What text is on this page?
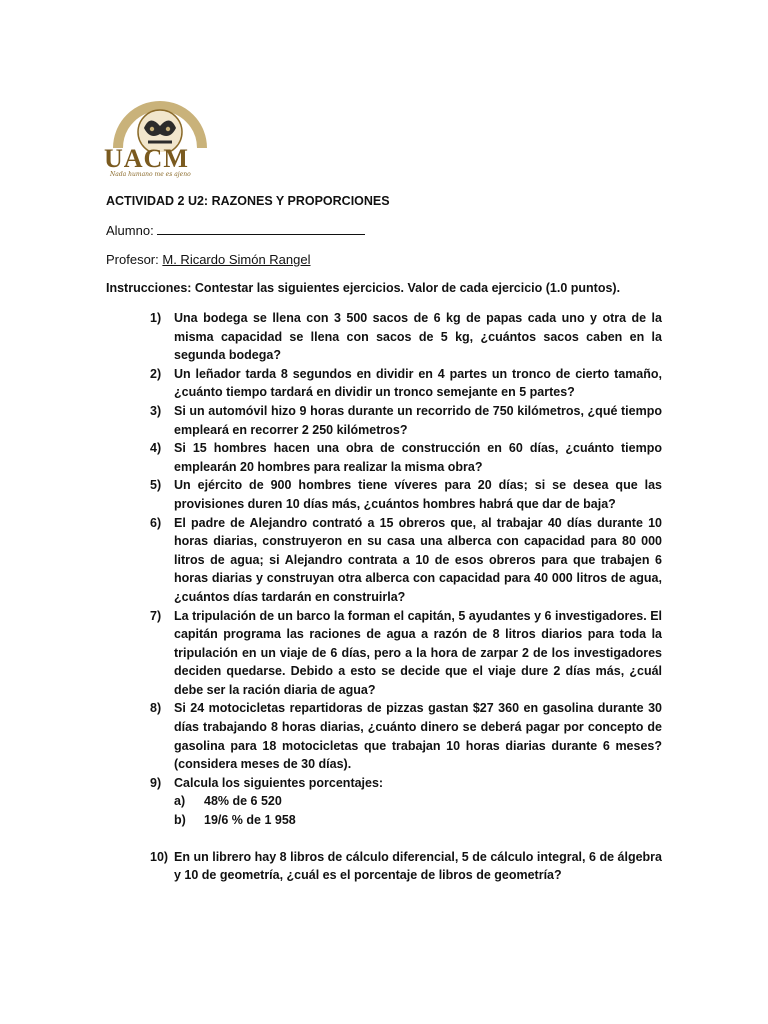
UACM
Nada humano me es ajeno
ACTIVIDAD 2 U2: RAZONES Y PROPORCIONES
Alumno:
Profesor: M. Ricardo Simón Rangel
Instrucciones: Contestar las siguientes ejercicios. Valor de cada ejercicio (1.0 puntos).
1) Una bodega se llena con 3 500 sacos de 6 kg de papas cada uno y otra de la misma capacidad se llena con sacos de 5 kg, ¿cuántos sacos caben en la segunda bodega?
2) Un leñador tarda 8 segundos en dividir en 4 partes un tronco de cierto tamaño, ¿cuánto tiempo tardará en dividir un tronco semejante en 5 partes?
3) Si un automóvil hizo 9 horas durante un recorrido de 750 kilómetros, ¿qué tiempo empleará en recorrer 2 250 kilómetros?
4) Si 15 hombres hacen una obra de construcción en 60 días, ¿cuánto tiempo emplearán 20 hombres para realizar la misma obra?
5) Un ejército de 900 hombres tiene víveres para 20 días; si se desea que las provisiones duren 10 días más, ¿cuántos hombres habrá que dar de baja?
6) El padre de Alejandro contrató a 15 obreros que, al trabajar 40 días durante 10 horas diarias, construyeron en su casa una alberca con capacidad para 80 000 litros de agua; si Alejandro contrata a 10 de esos obreros para que trabajen 6 horas diarias y construyan otra alberca con capacidad para 40 000 litros de agua, ¿cuántos días tardarán en construirla?
7) La tripulación de un barco la forman el capitán, 5 ayudantes y 6 investigadores. El capitán programa las raciones de agua a razón de 8 litros diarios para toda la tripulación en un viaje de 6 días, pero a la hora de zarpar 2 de los investigadores deciden quedarse. Debido a esto se decide que el viaje dure 2 días más, ¿cuál debe ser la ración diaria de agua?
8) Si 24 motocicletas repartidoras de pizzas gastan $27 360 en gasolina durante 30 días trabajando 8 horas diarias, ¿cuánto dinero se deberá pagar por concepto de gasolina para 18 motocicletas que trabajan 10 horas diarias durante 6 meses? (considera meses de 30 días).
9) Calcula los siguientes porcentajes:
a) 48% de 6 520
b) 19/6 % de 1 958
10) En un librero hay 8 libros de cálculo diferencial, 5 de cálculo integral, 6 de álgebra y 10 de geometría, ¿cuál es el porcentaje de libros de geometría?
